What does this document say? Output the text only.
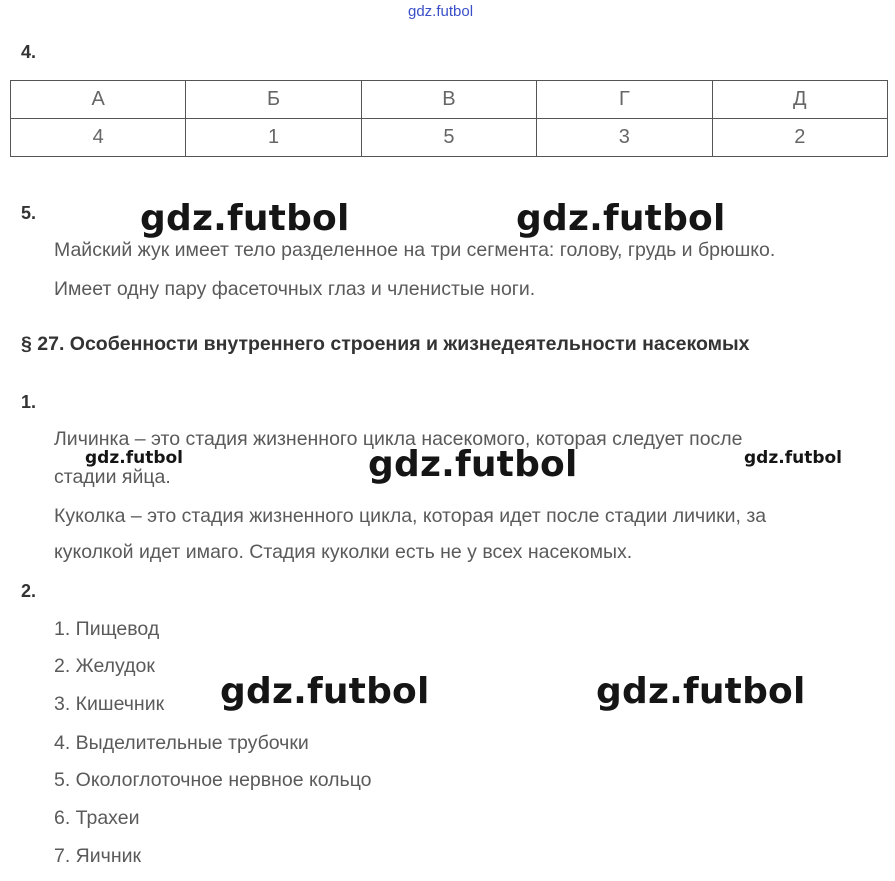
gdz.futbol
4.
А	Б	В	Г	Д
4	1	5	3	2
5.
Майский жук имеет тело разделенное на три сегмента: голову, грудь и брюшко.
Имеет одну пару фасеточных глаз и членистые ноги.
§ 27. Особенности внутреннего строения и жизнедеятельности насекомых
1.
Личинка – это стадия жизненного цикла насекомого, которая следует после
стадии яйца.
Куколка – это стадия жизненного цикла, которая идет после стадии личики, за
куколкой идет имаго. Стадия куколки есть не у всех насекомых.
2.
1. Пищевод
2. Желудок
3. Кишечник
4. Выделительные трубочки
5. Окологлоточное нервное кольцо
6. Трахеи
7. Яичник
gdz.futbol	gdz.futbol
gdz.futbol	gdz.futbol	gdz.futbol
gdz.futbol	gdz.futbol
